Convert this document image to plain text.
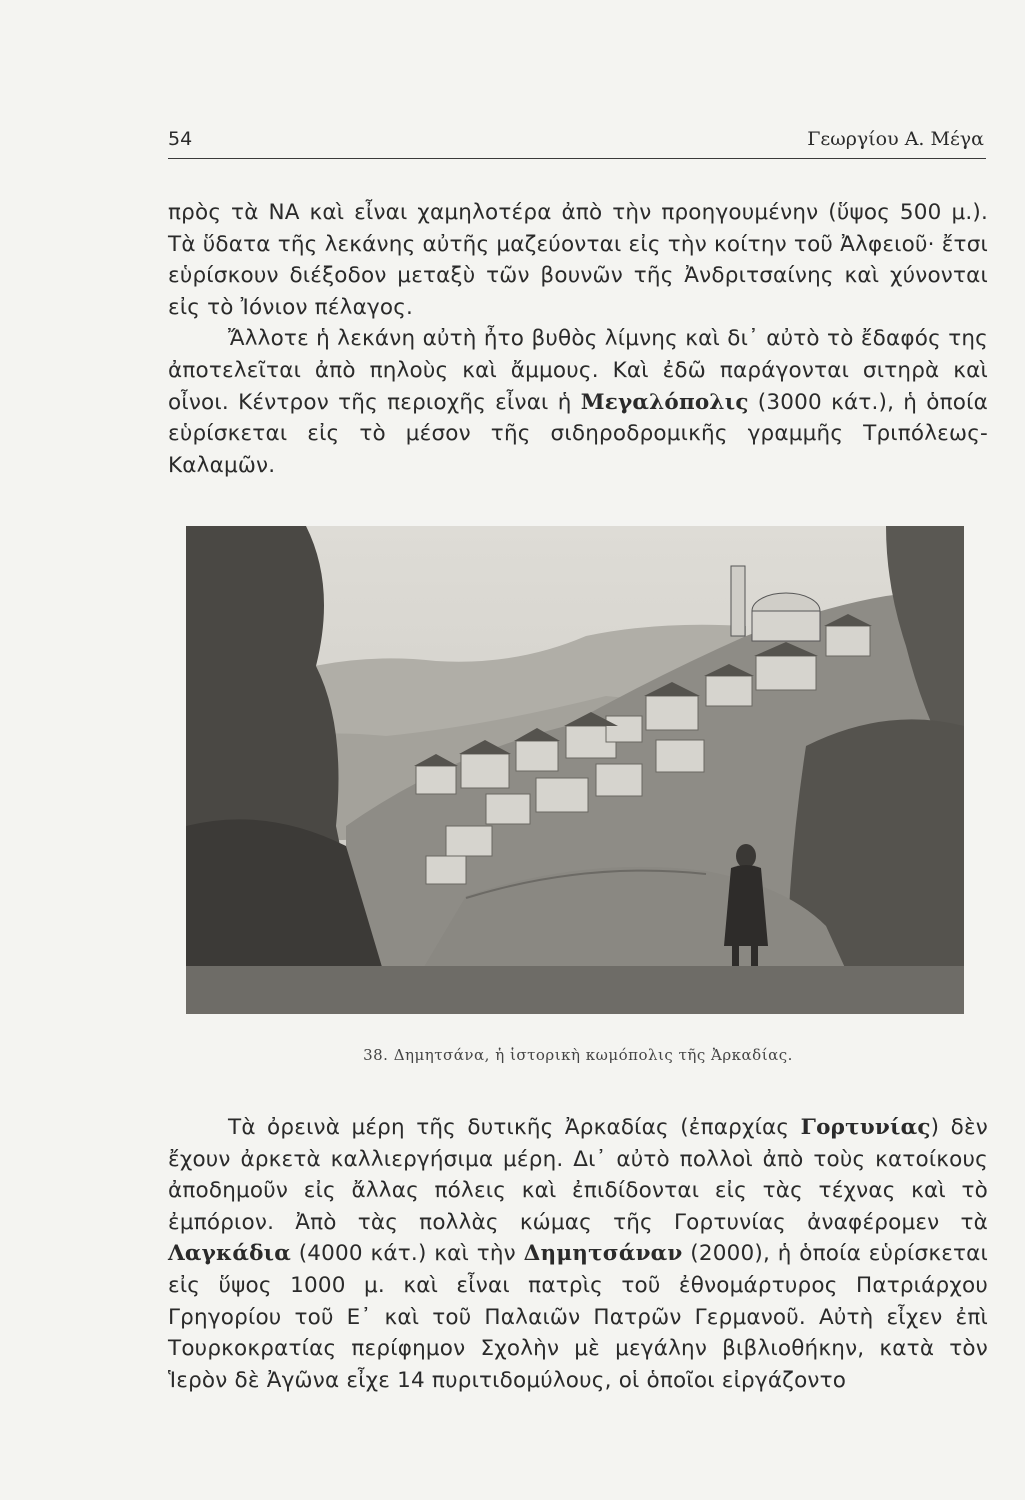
54	Γεωργίου Α. Μέγα

πρὸς τὰ ΝΑ καὶ εἶναι χαμηλοτέρα ἀπὸ τὴν προηγουμένην (ὕψος 500 μ.). Τὰ ὕδατα τῆς λεκάνης αὐτῆς μαζεύονται εἰς τὴν κοίτην τοῦ Ἀλφειοῦ· ἔτσι εὑρίσκουν διέξοδον μεταξὺ τῶν βουνῶν τῆς Ἀνδριτσαίνης καὶ χύνονται εἰς τὸ Ἰόνιον πέλαγος.

Ἄλλοτε ἡ λεκάνη αὐτὴ ἦτο βυθὸς λίμνης καὶ δι᾽ αὐτὸ τὸ ἔδαφός της ἀποτελεῖται ἀπὸ πηλοὺς καὶ ἄμμους. Καὶ ἐδῶ παράγονται σιτηρὰ καὶ οἶνοι. Κέντρον τῆς περιοχῆς εἶναι ἡ Μεγαλόπολις (3000 κάτ.), ἡ ὁποία εὑρίσκεται εἰς τὸ μέσον τῆς σιδηροδρομικῆς γραμμῆς Τριπόλεως-Καλαμῶν.

38. Δημητσάνα, ἡ ἱστορικὴ κωμόπολις τῆς Ἀρκαδίας.

Τὰ ὀρεινὰ μέρη τῆς δυτικῆς Ἀρκαδίας (ἐπαρχίας Γορτυνίας) δὲν ἔχουν ἀρκετὰ καλλιεργήσιμα μέρη. Δι᾽ αὐτὸ πολλοὶ ἀπὸ τοὺς κατοίκους ἀποδημοῦν εἰς ἄλλας πόλεις καὶ ἐπιδίδονται εἰς τὰς τέχνας καὶ τὸ ἐμπόριον. Ἀπὸ τὰς πολλὰς κώμας τῆς Γορτυνίας ἀναφέρομεν τὰ Λαγκάδια (4000 κάτ.) καὶ τὴν Δημητσάναν (2000), ἡ ὁποία εὑρίσκεται εἰς ὕψος 1000 μ. καὶ εἶναι πατρὶς τοῦ ἐθνομάρτυρος Πατριάρχου Γρηγορίου τοῦ Ε᾽ καὶ τοῦ Παλαιῶν Πατρῶν Γερμανοῦ. Αὐτὴ εἶχεν ἐπὶ Τουρκοκρατίας περίφημον Σχολὴν μὲ μεγάλην βιβλιοθήκην, κατὰ τὸν Ἱερὸν δὲ Ἀγῶνα εἶχε 14 πυριτιδομύλους, οἱ ὁποῖοι εἰργάζοντο
